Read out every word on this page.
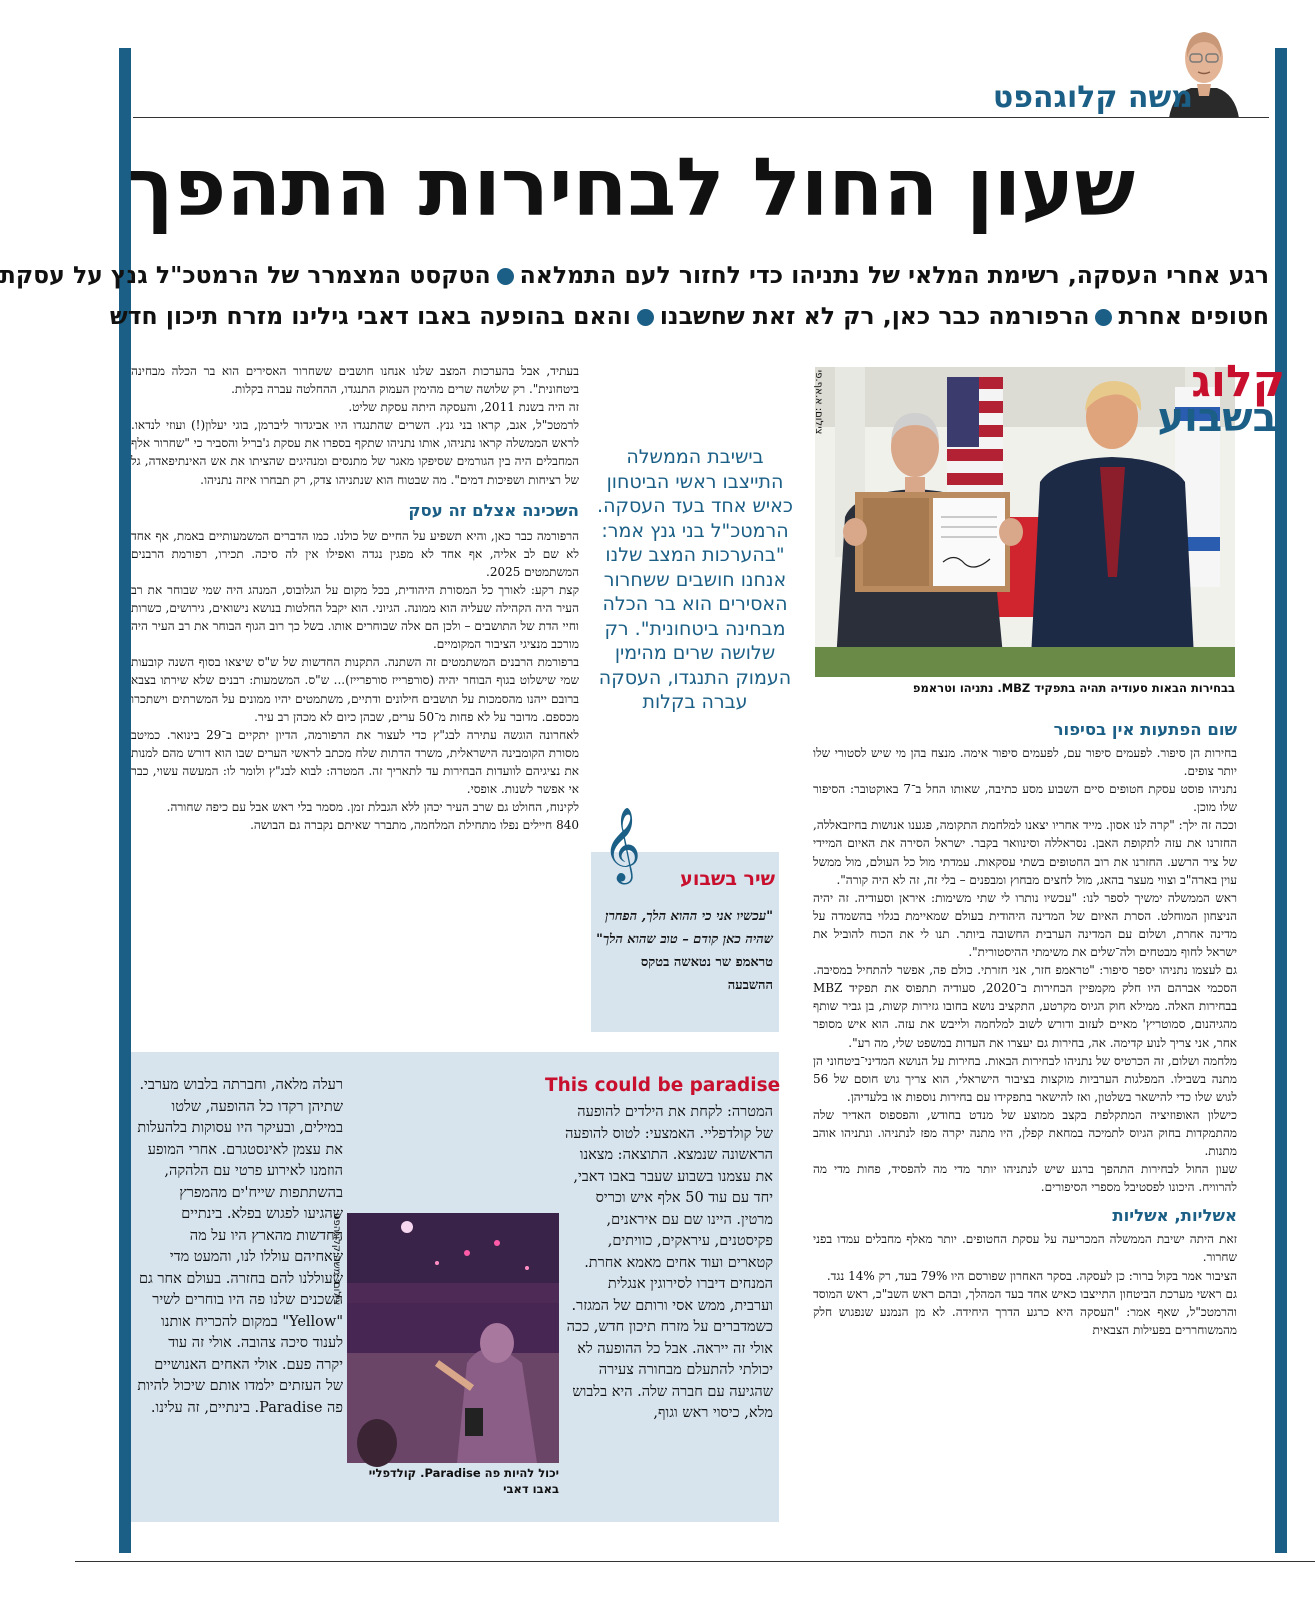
משה קלוגהפט
שעון החול לבחירות התהפך
רגע אחרי העסקה, רשימת המלאי של נתניהו כדי לחזור לעם התמלאההטקסט המצמרר של הרמטכ"ל גנץ על עסקת
חטופים אחרתהרפורמה כבר כאן, רק לא זאת שחשבנווהאם בהופעה באבו דאבי גילינו מזרח תיכון חדש
צילום: א.אף.פי
בבחירות הבאות סעודיה תהיה בתפקיד MBZ. נתניהו וטראמפ
שום הפתעות אין בסיפור

בחירות הן סיפור. לפעמים סיפור עם, לפעמים סיפור אימה. מנצח בהן מי שיש לסטורי שלו יותר צופים.

נתניהו פוסט עסקת חטופים סיים השבוע מסע כתיבה, שאותו החל ב־7 באוקטובר: הסיפור שלו מוכן.

וככה זה ילך: "קרה לנו אסון. מייד אחריו יצאנו למלחמת התקומה, פגענו אנושות בחיזבאללה, החזרנו את עזה לתקופת האבן. נסראללה וסינוואר בקבר. ישראל הסירה את האיום המיידי של ציר הרשע. החזרנו את רוב החטופים בשתי עסקאות. עמדתי מול כל העולם, מול ממשל עוין בארה"ב וצווי מעצר בהאג, מול לחצים מבחוץ ומבפנים – בלי זה, זה לא היה קורה".

ראש הממשלה ימשיך לספר לנו: "עכשיו נותרו לי שתי משימות: איראן וסעודיה. זה יהיה הניצחון המוחלט. הסרת האיום של המדינה היהודית בעולם שמאיימת בגלוי בהשמדה על מדינה אחרת, ושלום עם המדינה הערבית החשובה ביותר. תנו לי את הכוח להוביל את ישראל לחוף מבטחים ולה־שלים את משימתי ההיסטורית".

גם לעצמו נתניהו יספר סיפור: "טראמפ חזר, אני חזרתי. כולם פה, אפשר להתחיל במסיבה. הסכמי אברהם היו חלק מקמפיין הבחירות ב־2020, סעודיה תתפוס את תפקיד MBZ בבחירות האלה. ממילא חוק הגיוס מקרטע, התקציב נושא בחובו גזירות קשות, בן גביר שותף מהגיהנום, סמוטריץ' מאיים לעזוב ודורש לשוב למלחמה ולייבש את עזה. הוא איש מסופר אחר, אני צריך לנוע קדימה. אה, בחירות גם יעצרו את העדות במשפט שלי, מה רע".

מלחמה ושלום, זה הכרטיס של נתניהו לבחירות הבאות. בחירות על הנושא המדיני־ביטחוני הן מתנה בשבילו. המפלגות הערביות מוקצות בציבור הישראלי, הוא צריך גוש חוסם של 56 לגוש שלו כדי להישאר בשלטון, ואז להישאר בתפקידו עם בחירות נוספות או בלעדיהן.

כישלון האופוזיציה המתקלפת בקצב ממוצע של מנדט בחודש, והפספוס האדיר שלה מהתמקדות בחוק הגיוס לתמיכה במחאת קפלן, היו מתנה יקרה מפז לנתניהו. ונתניהו אוהב מתנות.

שעון החול לבחירות התהפך ברגע שיש לנתניהו יותר מדי מה להפסיד, פחות מדי מה להרוויח. היכונו לפסטיבל מספרי הסיפורים.

אשליות, אשליות

זאת היתה ישיבת הממשלה המכריעה על עסקת החטופים. יותר מאלף מחבלים עמדו בפני שחרור.

הציבור אמר בקול ברור: כן לעסקה. בסקר האחרון שפורסם היו 79% בעד, רק 14% נגד.

גם ראשי מערכת הביטחון התייצבו כאיש אחד בעד המהלך, ובהם ראש השב"כ, ראש המוסד והרמטכ"ל, שאף אמר: "העסקה היא כרגע הדרך היחידה. לא מן הנמנע שנפגוש חלק מהמשוחררים בפעילות הצבאית

בעתיד, אבל בהערכות המצב שלנו אנחנו חושבים ששחרור האסירים הוא בר הכלה מבחינה ביטחונית". רק שלושה שרים מהימין העמוק התנגדו, ההחלטה עברה בקלות.

זה היה בשנת 2011, והעסקה היתה עסקת שליט.

לרמטכ"ל, אגב, קראו בני גנץ. השרים שהתנגדו היו אביגדור ליברמן, בוגי יעלון(!) ועוזי לנדאו. לראש הממשלה קראו נתניהו, אותו נתניהו שתקף בספרו את עסקת ג'בריל והסביר כי "שחרור אלף המחבלים היה בין הגורמים שסיפקו מאגר של מתנסים ומנהיגים שהציתו את אש האינתיפאדה, גל של רציחות ושפיכות דמים". מה שבטוח הוא שנתניהו צדק, רק תבחרו איזה נתניהו.

השכינה אצלם זה עסק

הרפורמה כבר כאן, והיא תשפיע על החיים של כולנו. כמו הדברים המשמעותיים באמת, אף אחד לא שם לב אליה, אף אחד לא מפגין נגדה ואפילו אין לה סיכה. תכירו, רפורמת הרבנים המשתמטים 2025.

קצת רקע: לאורך כל המסורת היהודית, בכל מקום על הגלובוס, המנהג היה שמי שבוחר את רב העיר היה הקהילה שעליה הוא ממונה. הגיוני. הוא יקבל החלטות בנושא נישואים, גירושים, כשרות וחיי הדת של התושבים – ולכן הם אלה שבוחרים אותו. בשל כך רוב הגוף הבוחר את רב העיר היה מורכב מנציגי הציבור המקומיים.

ברפורמת הרבנים המשתמטים זה השתנה. התקנות החדשות של ש"ס שיצאו בסוף השנה קובעות שמי שישלוט בגוף הבוחר יהיה (סורפרייז סורפרייז)... ש"ס. המשמעות: רבנים שלא שירתו בצבא ברובם ייהנו מהסמכות על תושבים חילונים ודתיים, משתמטים יהיו ממונים על המשרתים וישתכרו מכספם. מדובר על לא פחות מ־50 ערים, שבהן כיום לא מכהן רב עיר.

לאחרונה הוגשה עתירה לבג"ץ כדי לעצור את הרפורמה, הדיון יתקיים ב־29 בינואר. כמיטב מסורת הקומבינה הישראלית, משרד הדתות שלח מכתב לראשי הערים שבו הוא דורש מהם למנות את נציגיהם לוועדות הבחירות עד לתאריך זה. המטרה: לבוא לבג"ץ ולומר לו: המעשה עשוי, כבר אי אפשר לשנות. אופסי.

לקינוח, החולט גם שרב העיר יכהן ללא הגבלת זמן. מסמר בלי ראש אבל עם כיפה שחורה.

840 חיילים נפלו מתחילת המלחמה, מתברר שאיתם נקברה גם הבושה.

קלוג
בשבוע
בישיבת הממשלה התייצבו ראשי הביטחון כאיש אחד בעד העסקה. הרמטכ"ל בני גנץ אמר: "בהערכות המצב שלנו אנחנו חושבים ששחרור האסירים הוא בר הכלה מבחינה ביטחונית". רק שלושה שרים מהימין העמוק התנגדו, העסקה עברה בקלות
𝄞 שיר בשבוע
"עכשיו אני כי ההוא הלך, הפחרן שהיה כאן קודם – טוב שהוא הלך"
טראמפ שר נטאשה בטקס ההשבעה
This could be paradise
המטרה: לקחת את הילדים להופעה של קולדפליי. האמצעי: לטוס להופעה הראשונה שנמצא. התוצאה: מצאנו את עצמנו בשבוע שעבר באבו דאבי, יחד עם עוד 50 אלף איש וכריס מרטין. היינו שם עם איראנים, פקיסטנים, עיראקים, כוויתים, קטארים ועוד אחים מאמא אחרת. המנחים דיברו לסירוגין אנגלית וערבית, ממש אסי ורותם של המגזר. כשמדברים על מזרח תיכון חדש, ככה אולי זה ייראה. אבל כל ההופעה לא יכולתי להתעלם מבחורה צעירה שהגיעה עם חברה שלה. היא בלבוש מלא, כיסוי ראש וגוף,
רעלה מלאה, וחברתה בלבוש מערבי. שתיהן רקדו כל ההופעה, שלטו במילים, ובעיקר היו עסוקות בלהעלות את עצמן לאינסטגרם. אחרי המופע הוזמנו לאירוע פרטי עם הלהקה, בהשתתפות שייח'ים מהמפרץ שהגיעו לפגוש בפלא. בינתיים החדשות מהארץ היו על מה שאחיהם עוללו לנו, והמעט מדי שעוללנו להם בחזרה. בעולם אחר גם השכנים שלנו פה היו בוחרים לשיר "Yellow" במקום להכריח אותנו לענוד סיכה צהובה. אולי זה עוד יקרה פעם. אולי האחים האנושיים של העזתים ילמדו אותם שיכול להיות פה Paradise. בינתיים, זה עלינו.
צילום: משה קלוגהפט
יכול להיות פה Paradise. קולדפליי באבו דאבי
